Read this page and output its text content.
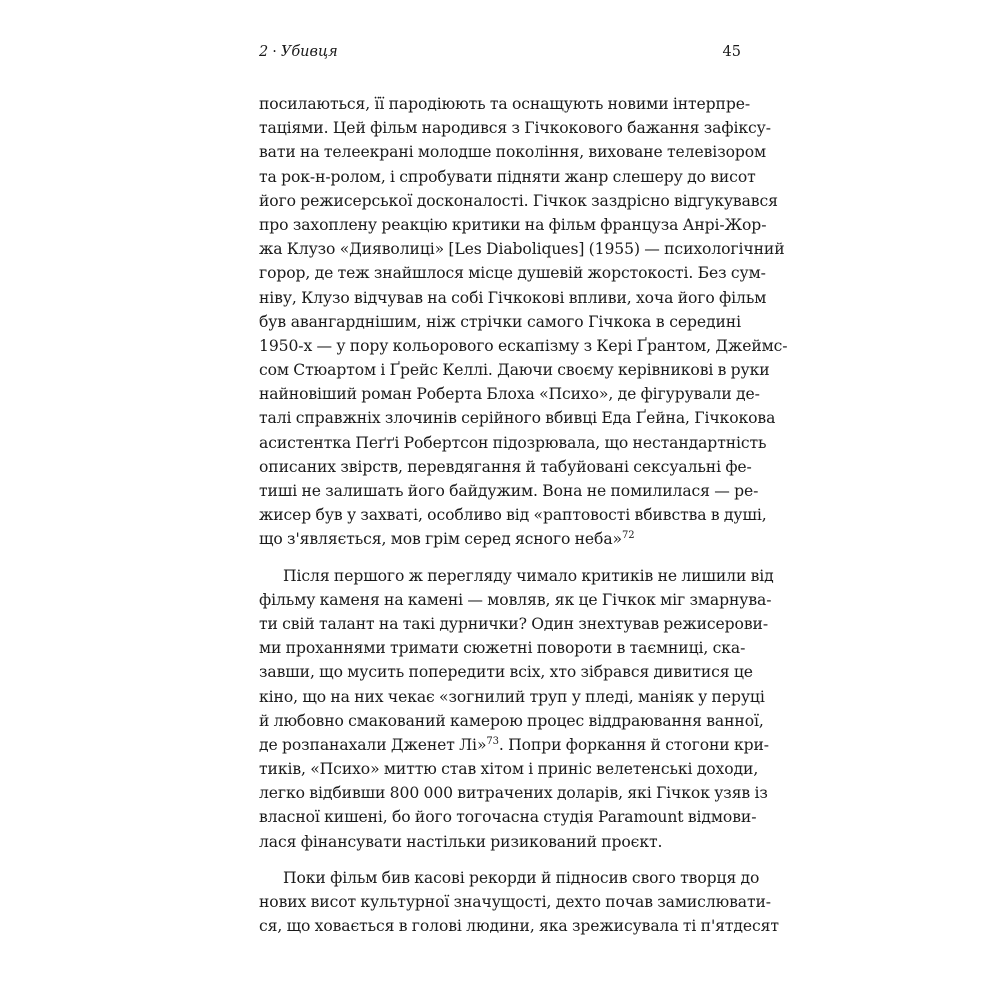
2 · Убивця	45
посилаються, її пародіюють та оснащують новими інтерпре-
таціями. Цей фільм народився з Гічкокового бажання зафіксу-
вати на телеекрані молодше покоління, виховане телевізором
та рок-н-ролом, і спробувати підняти жанр слешеру до висот
його режисерської досконалості. Гічкок заздрісно відгукувався
про захоплену реакцію критики на фільм француза Анрі-Жор-
жа Клузо «Дияволиці» [Les Diaboliques] (1955) — психологічний
горор, де теж знайшлося місце душевій жорстокості. Без сум-
ніву, Клузо відчував на собі Гічкокові впливи, хоча його фільм
був авангарднішим, ніж стрічки самого Гічкока в середині
1950-х — у пору кольорового ескапізму з Кері Ґрантом, Джеймс-
сом Стюартом і Ґрейс Келлі. Даючи своєму керівникові в руки
найновіший роман Роберта Блоха «Психо», де фігурували де-
талі справжніх злочинів серійного вбивці Еда Ґейна, Гічкокова
асистентка Пеґґі Робертсон підозрювала, що нестандартність
описаних звірств, перевдягання й табуйовані сексуальні фе-
тиші не залишать його байдужим. Вона не помилилася — ре-
жисер був у захваті, особливо від «раптовості вбивства в душі,
що з'являється, мов грім серед ясного неба»$^{72}$
Після першого ж перегляду чимало критиків не лишили від
фільму каменя на камені — мовляв, як це Гічкок міг змарнува-
ти свій талант на такі дурнички? Один знехтував режисерови-
ми проханнями тримати сюжетні повороти в таємниці, ска-
завши, що мусить попередити всіх, хто зібрався дивитися це
кіно, що на них чекає «зогнилий труп у пледі, маніяк у перуці
й любовно смакований камерою процес віддраювання ванної,
де розпанахали Дженет Лі»$^{73}$. Попри форкання й стогони кри-
тиків, «Психо» миттю став хітом і приніс велетенські доходи,
легко відбивши 800 000 витрачених доларів, які Гічкок узяв із
власної кишені, бо його тогочасна студія Paramount відмови-
лася фінансувати настільки ризикований проєкт.
Поки фільм бив касові рекорди й підносив свого творця до
нових висот культурної значущості, дехто почав замислювати-
ся, що ховається в голові людини, яка зрежисувала ті п'ятдесят
